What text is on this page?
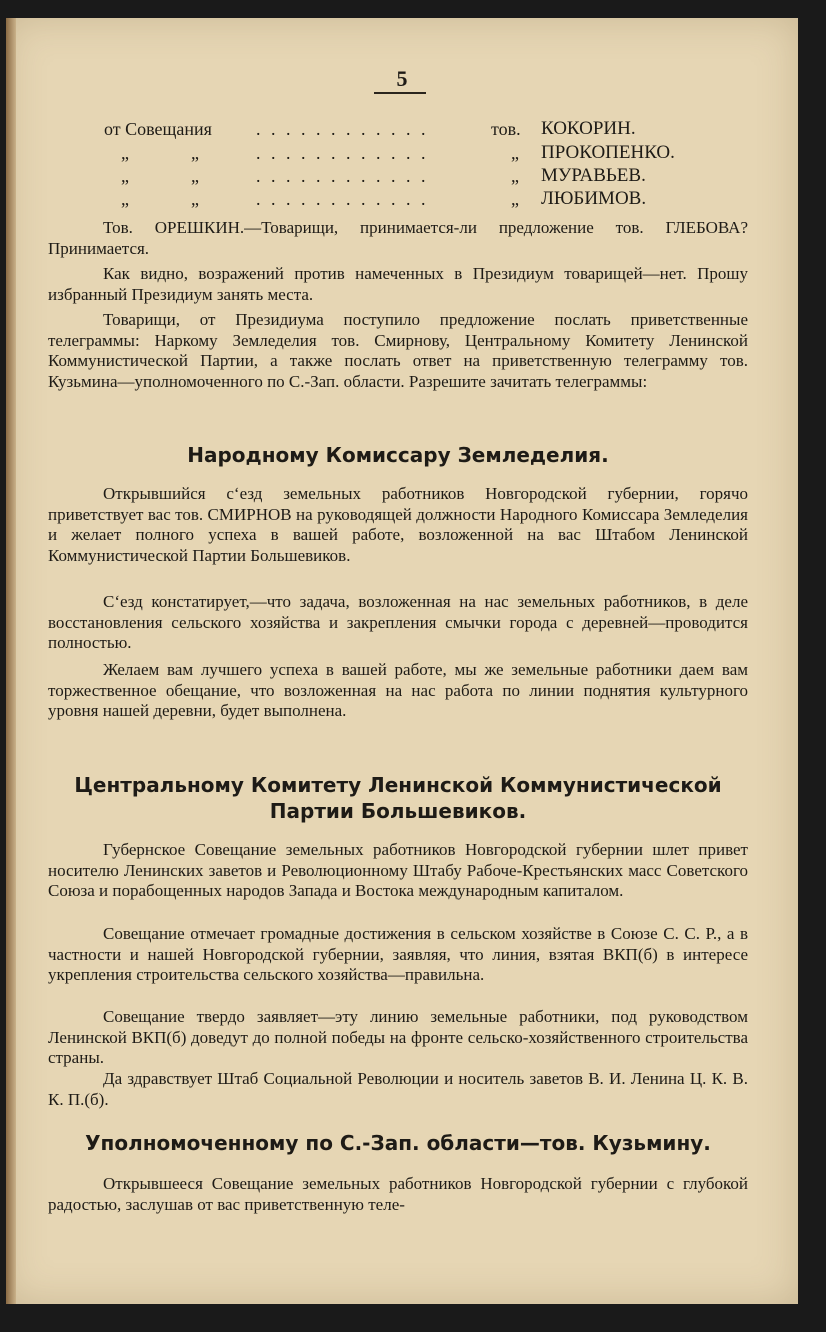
5
от Совещания . . . . . . . . . . . .	тов. КОКОРИН.
„	„	. . . . . . . . . . . .	„ ПРОКОПЕНКО.
„	„	. . . . . . . . . . . .	„ МУРАВЬЕВ.
„	„	. . . . . . . . . . . .	„ ЛЮБИМОВ.
Тов. ОРЕШКИН.—Товарищи, принимается-ли предложение тов. ГЛЕБОВА? Принимается.
Как видно, возражений против намеченных в Президиум товарищей—нет. Прошу избранный Президиум занять места.
Товарищи, от Президиума поступило предложение послать приветственные телеграммы: Наркому Земледелия тов. Смирнову, Центральному Комитету Ленинской Коммунистической Партии, а также послать ответ на приветственную телеграмму тов. Кузьмина—уполномоченного по С.-Зап. области. Разрешите зачитать телеграммы:
Народному Комиссару Земледелия.
Открывшийся с‘езд земельных работников Новгородской губернии, горячо приветствует вас тов. СМИРНОВ на руководящей должности Народного Комиссара Земледелия и желает полного успеха в вашей работе, возложенной на вас Штабом Ленинской Коммунистической Партии Большевиков.
С‘езд констатирует,—что задача, возложенная на нас земельных работников, в деле восстановления сельского хозяйства и закрепления смычки города с деревней—проводится полностью.
Желаем вам лучшего успеха в вашей работе, мы же земельные работники даем вам торжественное обещание, что возложенная на нас работа по линии поднятия культурного уровня нашей деревни, будет выполнена.
Центральному Комитету Ленинской Коммунистической
Партии Большевиков.
Губернское Совещание земельных работников Новгородской губернии шлет привет носителю Ленинских заветов и Революционному Штабу Рабоче-Крестьянских масс Советского Союза и порабощенных народов Запада и Востока международным капиталом.
Совещание отмечает громадные достижения в сельском хозяйстве в Союзе С. С. Р., а в частности и нашей Новгородской губернии, заявляя, что линия, взятая ВКП(б) в интересе укрепления строительства сельского хозяйства—правильна.
Совещание твердо заявляет—эту линию земельные работники, под руководством Ленинской ВКП(б) доведут до полной победы на фронте сельско-хозяйственного строительства страны.
Да здравствует Штаб Социальной Революции и носитель заветов В. И. Ленина Ц. К. В. К. П.(б).
Уполномоченному по С.-Зап. области—тов. Кузьмину.
Открывшееся Совещание земельных работников Новгородской губернии с глубокой радостью, заслушав от вас приветственную теле-
